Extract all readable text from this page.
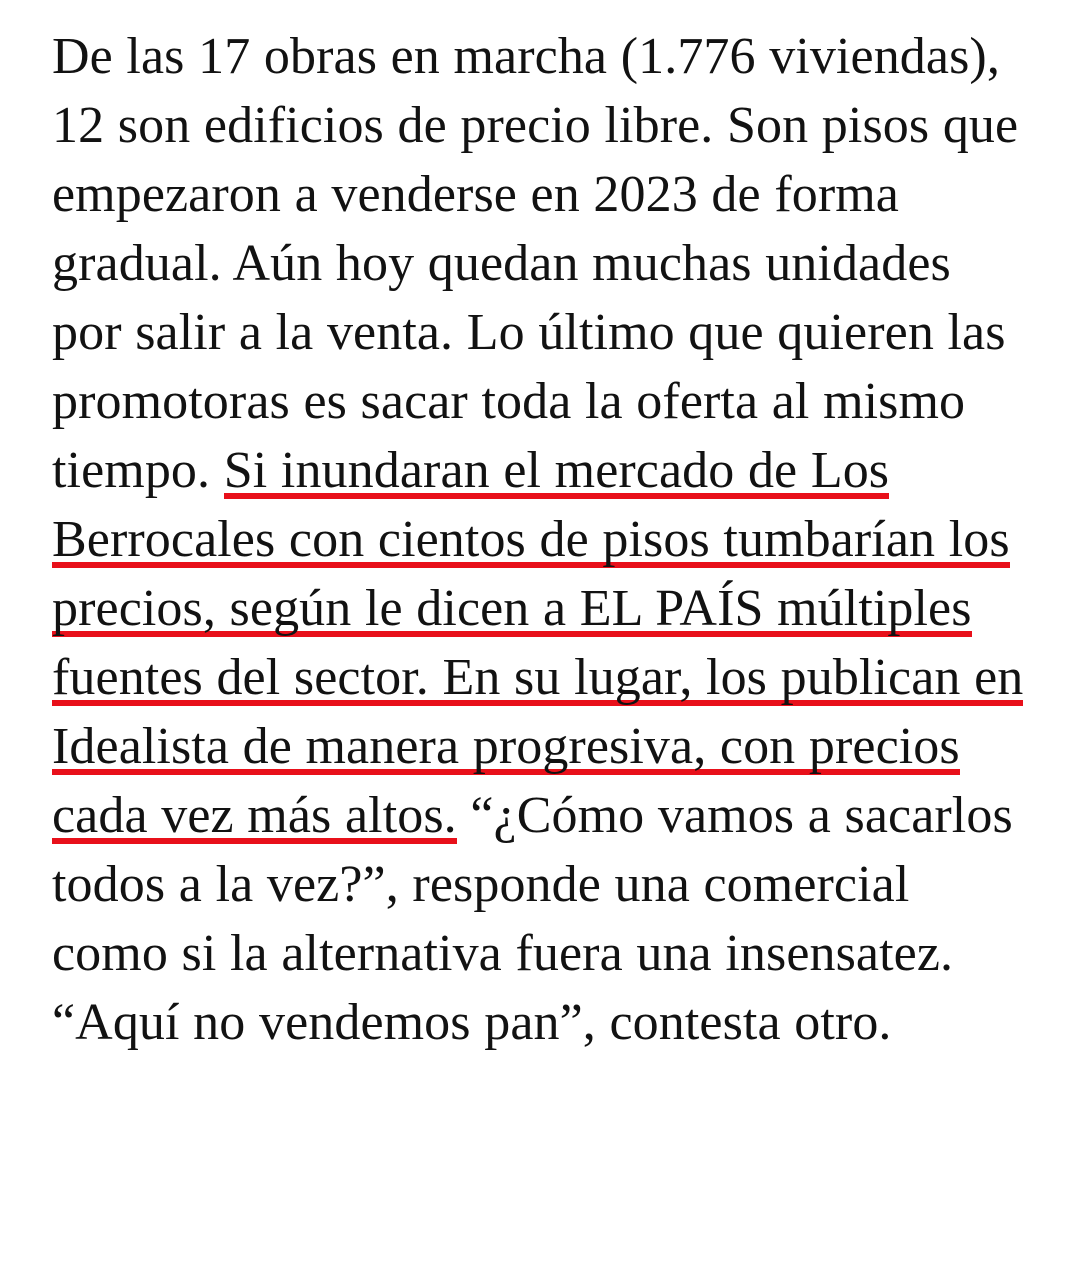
De las 17 obras en marcha (1.776 viviendas), 12 son edificios de precio libre. Son pisos que empezaron a venderse en 2023 de forma gradual. Aún hoy quedan muchas unidades por salir a la venta. Lo último que quieren las promotoras es sacar toda la oferta al mismo tiempo. Si inundaran el mercado de Los Berrocales con cientos de pisos tumbarían los precios, según le dicen a EL PAÍS múltiples fuentes del sector. En su lugar, los publican en Idealista de manera progresiva, con precios cada vez más altos. “¿Cómo vamos a sacarlos todos a la vez?”, responde una comercial como si la alternativa fuera una insensatez. “Aquí no vendemos pan”, contesta otro.
